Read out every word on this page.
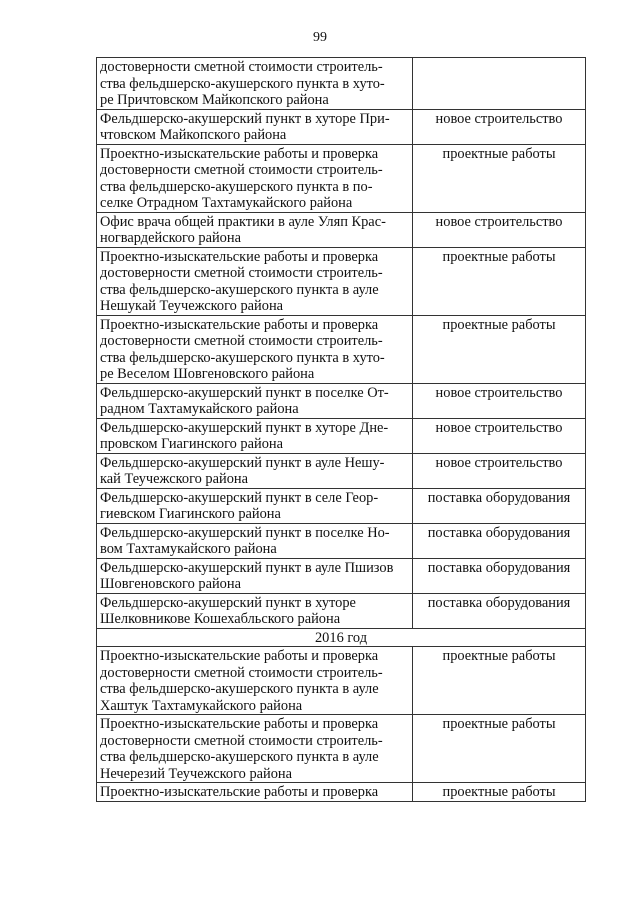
99
достоверности сметной стоимости строитель-
ства фельдшерско-акушерского пункта в хуто-
ре Причтовском Майкопского района	

Фельдшерско-акушерский пункт в хуторе При-
чтовском Майкопского района	новое строительство

Проектно-изыскательские работы и проверка
достоверности сметной стоимости строитель-
ства фельдшерско-акушерского пункта в по-
селке Отрадном Тахтамукайского района	проектные работы

Офис врача общей практики в ауле Уляп Крас-
ногвардейского района	новое строительство

Проектно-изыскательские работы и проверка
достоверности сметной стоимости строитель-
ства фельдшерско-акушерского пункта в ауле
Нешукай Теучежского района	проектные работы

Проектно-изыскательские работы и проверка
достоверности сметной стоимости строитель-
ства фельдшерско-акушерского пункта в хуто-
ре Веселом Шовгеновского района	проектные работы

Фельдшерско-акушерский пункт в поселке От-
радном Тахтамукайского района	новое строительство

Фельдшерско-акушерский пункт в хуторе Дне-
провском Гиагинского района	новое строительство

Фельдшерско-акушерский пункт в ауле Нешу-
кай Теучежского района	новое строительство

Фельдшерско-акушерский пункт в селе Геор-
гиевском Гиагинского района	поставка оборудования

Фельдшерско-акушерский пункт в поселке Но-
вом Тахтамукайского района	поставка оборудования

Фельдшерско-акушерский пункт в ауле Пшизов
Шовгеновского района	поставка оборудования

Фельдшерско-акушерский пункт в хуторе
Шелковникове Кошехабльского района	поставка оборудования
2016 год	

Проектно-изыскательские работы и проверка
достоверности сметной стоимости строитель-
ства фельдшерско-акушерского пункта в ауле
Хаштук Тахтамукайского района	проектные работы

Проектно-изыскательские работы и проверка
достоверности сметной стоимости строитель-
ства фельдшерско-акушерского пункта в ауле
Нечерезий Теучежского района	проектные работы

Проектно-изыскательские работы и проверка	проектные работы
